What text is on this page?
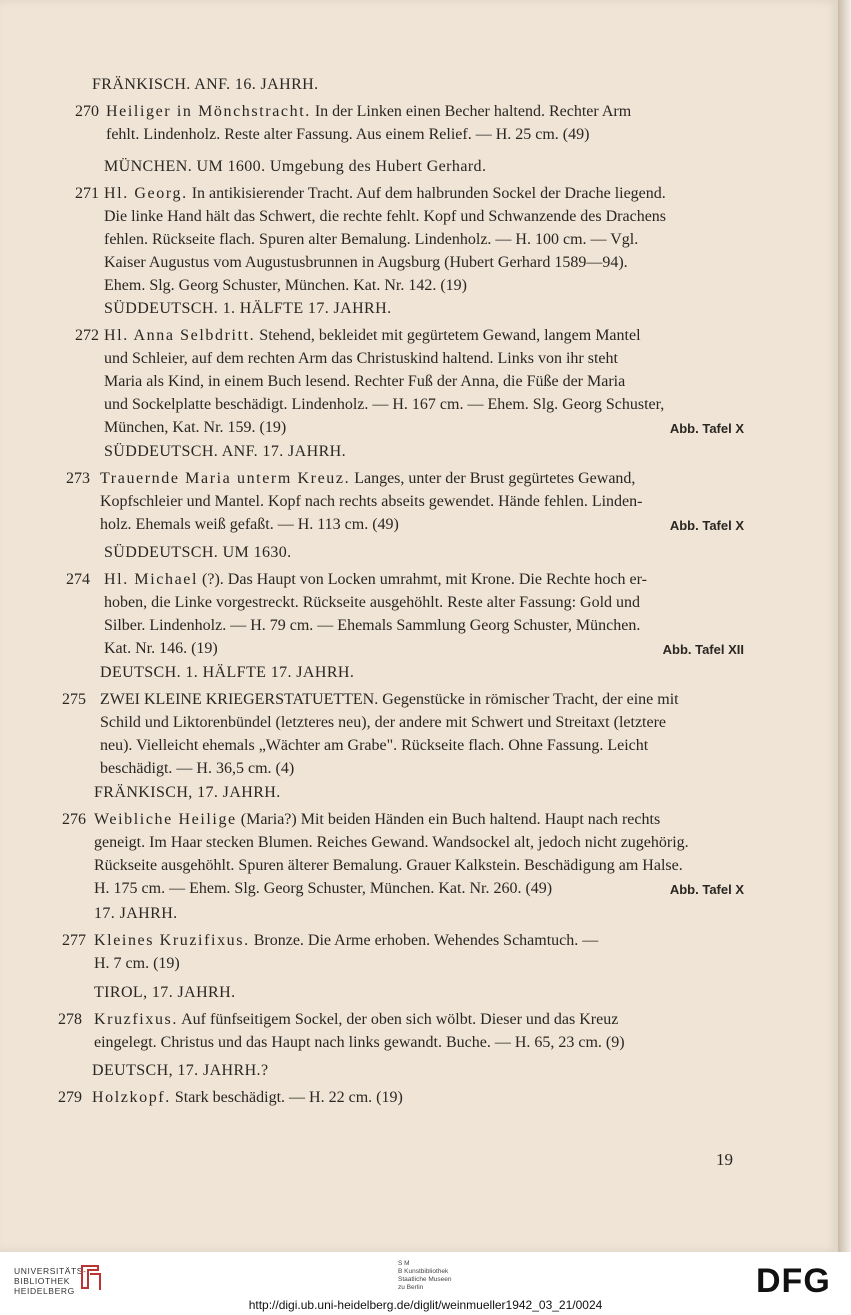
FRÄNKISCH. ANF. 16. JAHRH.
270 Heiliger in Mönchstracht. In der Linken einen Becher haltend. Rechter Arm
fehlt. Lindenholz. Reste alter Fassung. Aus einem Relief. — H. 25 cm. (49)
MÜNCHEN. UM 1600. Umgebung des Hubert Gerhard.
271 Hl. Georg. In antikisierender Tracht. Auf dem halbrunden Sockel der Drache liegend.
Die linke Hand hält das Schwert, die rechte fehlt. Kopf und Schwanzende des Drachens
fehlen. Rückseite flach. Spuren alter Bemalung. Lindenholz. — H. 100 cm. — Vgl.
Kaiser Augustus vom Augustusbrunnen in Augsburg (Hubert Gerhard 1589—94).
Ehem. Slg. Georg Schuster, München. Kat. Nr. 142. (19)
SÜDDEUTSCH. 1. HÄLFTE 17. JAHRH.
272 Hl. Anna Selbdritt. Stehend, bekleidet mit gegürtetem Gewand, langem Mantel
und Schleier, auf dem rechten Arm das Christuskind haltend. Links von ihr steht
Maria als Kind, in einem Buch lesend. Rechter Fuß der Anna, die Füße der Maria
und Sockelplatte beschädigt. Lindenholz. — H. 167 cm. — Ehem. Slg. Georg Schuster,
München, Kat. Nr. 159. (19)	Abb. Tafel X
SÜDDEUTSCH. ANF. 17. JAHRH.
273 Trauernde Maria unterm Kreuz. Langes, unter der Brust gegürtetes Gewand,
Kopfschleier und Mantel. Kopf nach rechts abseits gewendet. Hände fehlen. Linden-
holz. Ehemals weiß gefaßt. — H. 113 cm. (49)	Abb. Tafel X
SÜDDEUTSCH. UM 1630.
274 Hl. Michael (?). Das Haupt von Locken umrahmt, mit Krone. Die Rechte hoch er-
hoben, die Linke vorgestreckt. Rückseite ausgehöhlt. Reste alter Fassung: Gold und
Silber. Lindenholz. — H. 79 cm. — Ehemals Sammlung Georg Schuster, München.
Kat. Nr. 146. (19)	Abb. Tafel XII
DEUTSCH. 1. HÄLFTE 17. JAHRH.
275 ZWEI KLEINE KRIEGERSTATUETTEN. Gegenstücke in römischer Tracht, der eine mit
Schild und Liktorenbündel (letzteres neu), der andere mit Schwert und Streitaxt (letztere
neu). Vielleicht ehemals „Wächter am Grabe". Rückseite flach. Ohne Fassung. Leicht
beschädigt. — H. 36,5 cm. (4)
FRÄNKISCH, 17. JAHRH.
276 Weibliche Heilige (Maria?) Mit beiden Händen ein Buch haltend. Haupt nach rechts
geneigt. Im Haar stecken Blumen. Reiches Gewand. Wandsockel alt, jedoch nicht zugehörig.
Rückseite ausgehöhlt. Spuren älterer Bemalung. Grauer Kalkstein. Beschädigung am Halse.
H. 175 cm. — Ehem. Slg. Georg Schuster, München. Kat. Nr. 260. (49)	Abb. Tafel X
17. JAHRH.
277 Kleines Kruzifixus. Bronze. Die Arme erhoben. Wehendes Schamtuch. —
H. 7 cm. (19)
TIROL, 17. JAHRH.
278 Kruzfixus. Auf fünfseitigem Sockel, der oben sich wölbt. Dieser und das Kreuz
eingelegt. Christus und das Haupt nach links gewandt. Buche. — H. 65, 23 cm. (9)
DEUTSCH, 17. JAHRH.?
279 Holzkopf. Stark beschädigt. — H. 22 cm. (19)
19
UNIVERSITÄTS-
BIBLIOTHEK
HEIDELBERG
S M
B Kunstbibliothek
Staatliche Museen
zu Berlin	DFG
http://digi.ub.uni-heidelberg.de/diglit/weinmueller1942_03_21/0024
